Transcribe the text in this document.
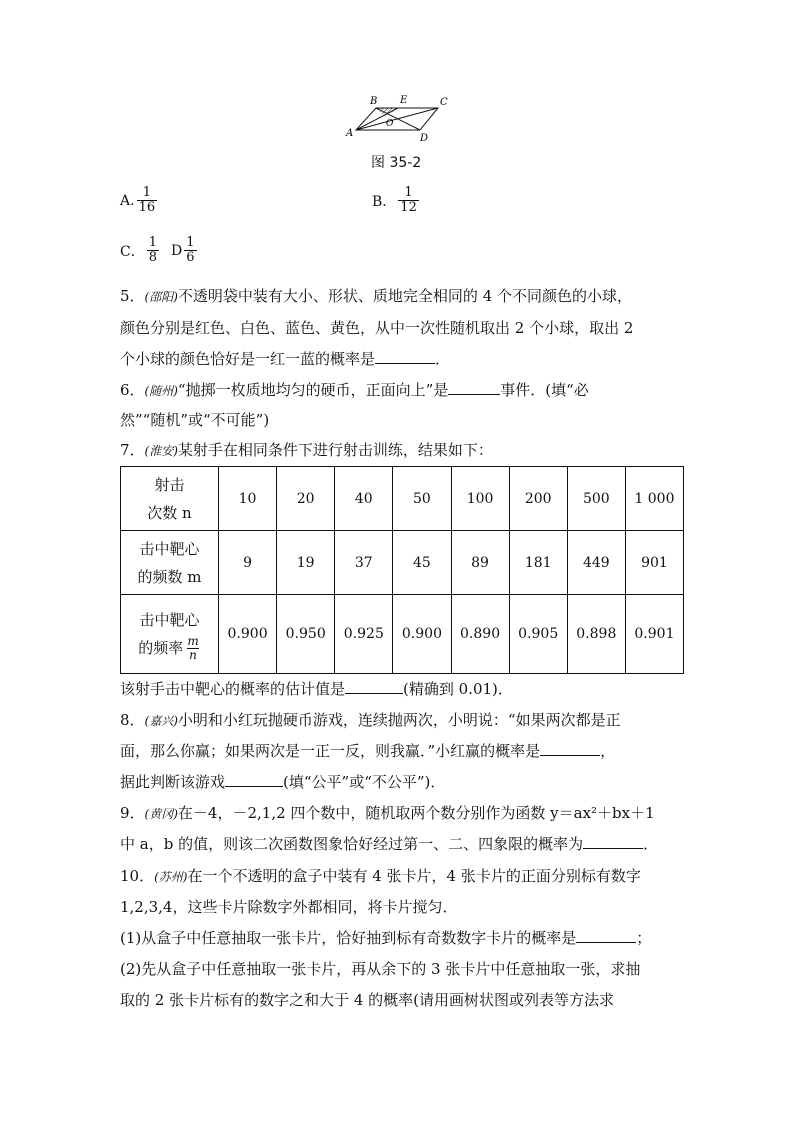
B E	C
A	D
O
图 35-2
A. $\frac{1}{16}$	B． $\frac{1}{12}$
C． $\frac{1}{8}$ D $\frac{1}{6}$
5．(邵阳)不透明袋中装有大小、形状、质地完全相同的 4 个不同颜色的小球，
颜色分别是红色、白色、蓝色、黄色，从中一次性随机取出 2 个小球，取出 2
个小球的颜色恰好是一红一蓝的概率是	．
6．(随州)“抛掷一枚质地均匀的硬币，正面向上”是	事件．(填“必
然”“随机”或“不可能”)
7．(淮安)某射手在相同条件下进行射击训练，结果如下：
射击
次数 n	10	20	40	50	100	200	500	1 000

击中靶心
的频数 m	9	19	37	45	89	181	449	901

击中靶心
的频率 $\frac{m}{n}$	0.900	0.950	0.925	0.900	0.890	0.905	0.898	0.901
该射手击中靶心的概率的估计值是	(精确到 0.01)．
8．(嘉兴)小明和小红玩抛硬币游戏，连续抛两次，小明说：“如果两次都是正
面，那么你赢；如果两次是一正一反，则我赢．”小红赢的概率是	，
据此判断该游戏	(填“公平”或“不公平”)．
9．(黄冈)在－4，－2,1,2 四个数中，随机取两个数分别作为函数 y＝ax²＋bx＋1
中 a，b 的值，则该二次函数图象恰好经过第一、二、四象限的概率为	．
10．(苏州)在一个不透明的盒子中装有 4 张卡片，4 张卡片的正面分别标有数字
1,2,3,4，这些卡片除数字外都相同，将卡片搅匀．
(1)从盒子中任意抽取一张卡片，恰好抽到标有奇数数字卡片的概率是	；
(2)先从盒子中任意抽取一张卡片，再从余下的 3 张卡片中任意抽取一张，求抽
取的 2 张卡片标有的数字之和大于 4 的概率(请用画树状图或列表等方法求
